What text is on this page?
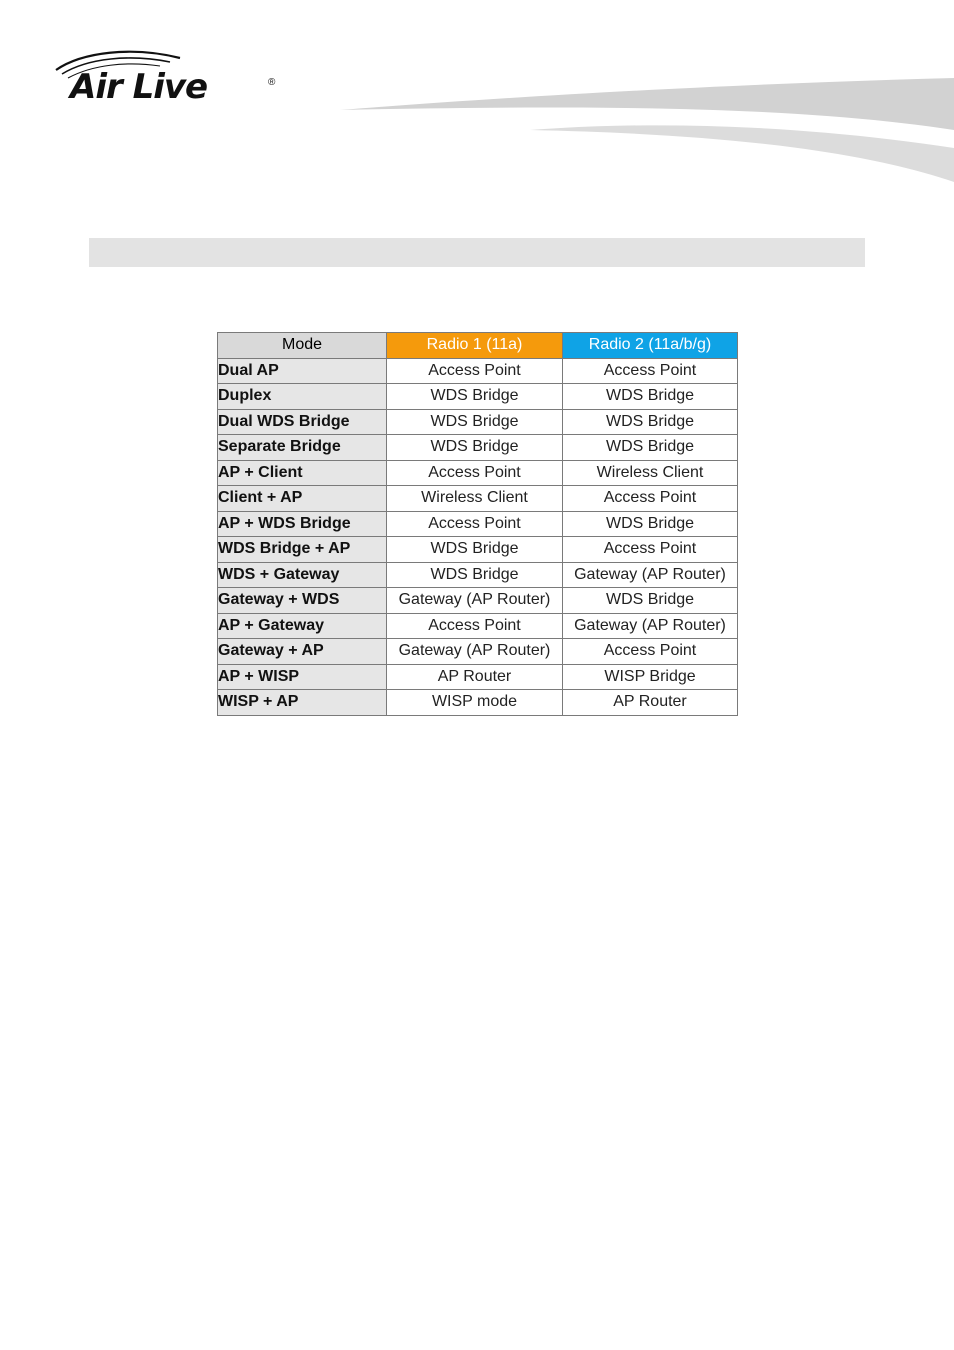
Air Live	®
Mode	Radio 1 (11a)	Radio 2 (11a/b/g)
Dual AP	Access Point	Access Point
Duplex	WDS Bridge	WDS Bridge
Dual WDS Bridge	WDS Bridge	WDS Bridge
Separate Bridge	WDS Bridge	WDS Bridge
AP + Client	Access Point	Wireless Client
Client + AP	Wireless Client	Access Point
AP + WDS Bridge	Access Point	WDS Bridge
WDS Bridge + AP	WDS Bridge	Access Point
WDS + Gateway	WDS Bridge	Gateway (AP Router)
Gateway + WDS	Gateway (AP Router)	WDS Bridge
AP + Gateway	Access Point	Gateway (AP Router)
Gateway + AP	Gateway (AP Router)	Access Point
AP + WISP	AP Router	WISP Bridge
WISP + AP	WISP mode	AP Router
